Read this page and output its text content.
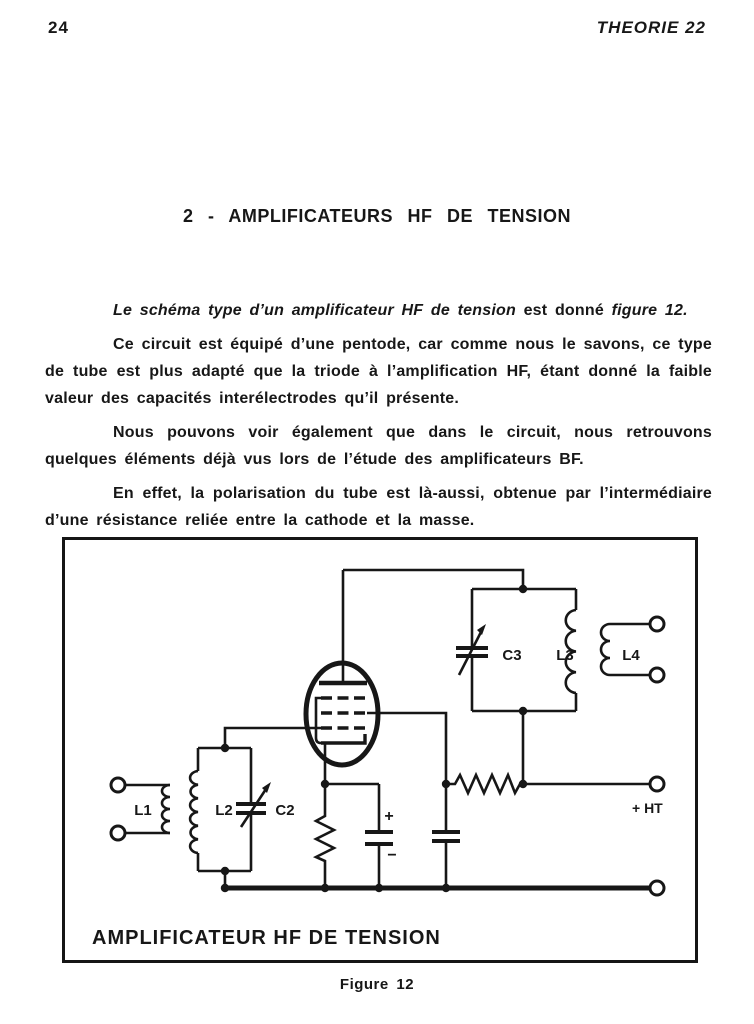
24	THEORIE 22
2 - AMPLIFICATEURS HF DE TENSION

Le schéma type d’un amplificateur HF de tension est donné figure 12.

Ce circuit est équipé d’une pentode, car comme nous le savons, ce type de tube est plus adapté que la triode à l’amplification HF, étant donné la faible valeur des capacités interélectrodes qu’il présente.

Nous pouvons voir également que dans le circuit, nous retrouvons quelques éléments déjà vus lors de l’étude des amplificateurs BF.

En effet, la polarisation du tube est là-aussi, obtenue par l’intermédiaire d’une résistance reliée entre la cathode et la masse.

L1	L2	C2
C3 L3	L4
+ HT
+
−
AMPLIFICATEUR HF DE TENSION
Figure 12
